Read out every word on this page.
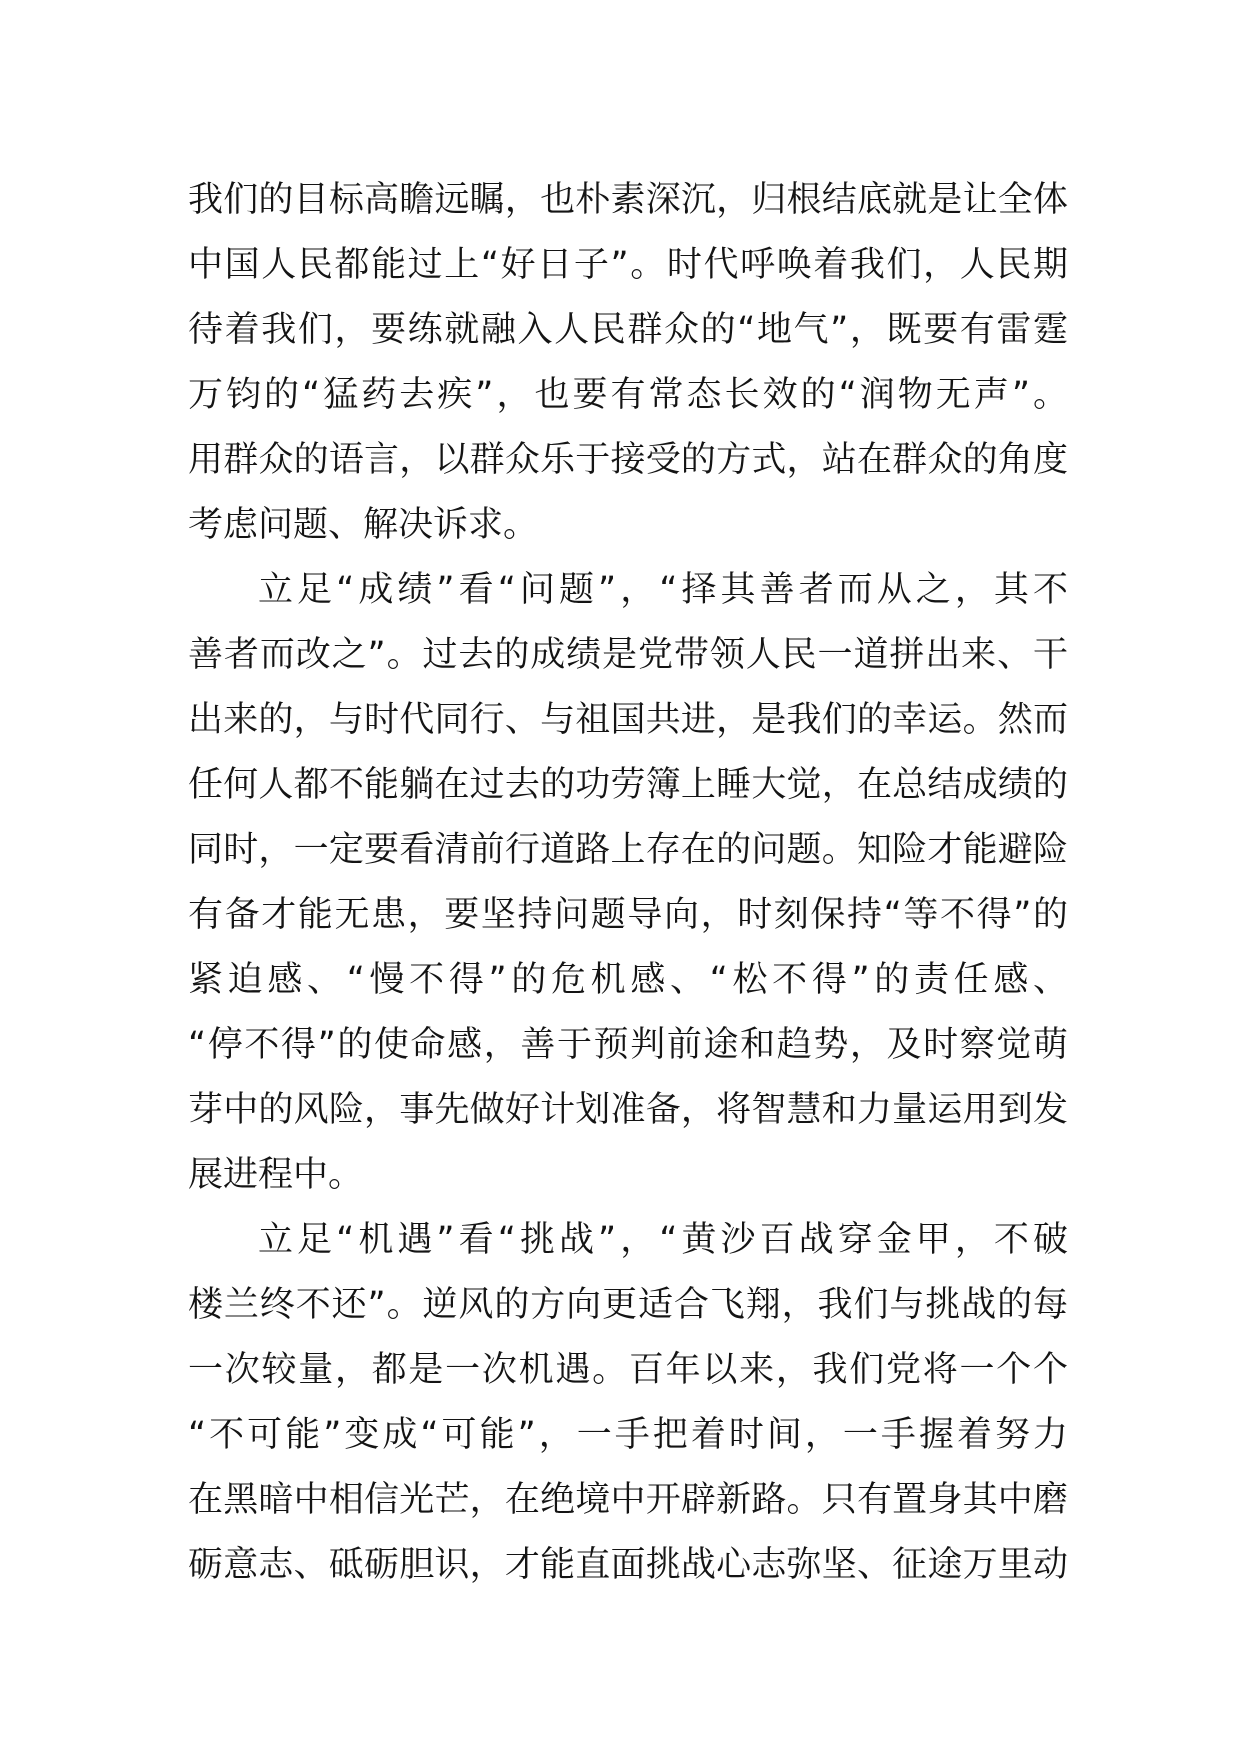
我们的目标高瞻远瞩，也朴素深沉，归根结底就是让全体
中国人民都能过上“好日子”。时代呼唤着我们，人民期
待着我们，要练就融入人民群众的“地气”，既要有雷霆
万钧的“猛药去疾”，也要有常态长效的“润物无声”。
用群众的语言，以群众乐于接受的方式，站在群众的角度
考虑问题、解决诉求。
立足“成绩”看“问题”，“择其善者而从之，其不
善者而改之”。过去的成绩是党带领人民一道拼出来、干
出来的，与时代同行、与祖国共进，是我们的幸运。然而
任何人都不能躺在过去的功劳簿上睡大觉，在总结成绩的
同时，一定要看清前行道路上存在的问题。知险才能避险
有备才能无患，要坚持问题导向，时刻保持“等不得”的
紧迫感、“慢不得”的危机感、“松不得”的责任感、
“停不得”的使命感，善于预判前途和趋势，及时察觉萌
芽中的风险，事先做好计划准备，将智慧和力量运用到发
展进程中。
立足“机遇”看“挑战”，“黄沙百战穿金甲，不破
楼兰终不还”。逆风的方向更适合飞翔，我们与挑战的每
一次较量，都是一次机遇。百年以来，我们党将一个个
“不可能”变成“可能”，一手把着时间，一手握着努力
在黑暗中相信光芒，在绝境中开辟新路。只有置身其中磨
砺意志、砥砺胆识，才能直面挑战心志弥坚、征途万里动
